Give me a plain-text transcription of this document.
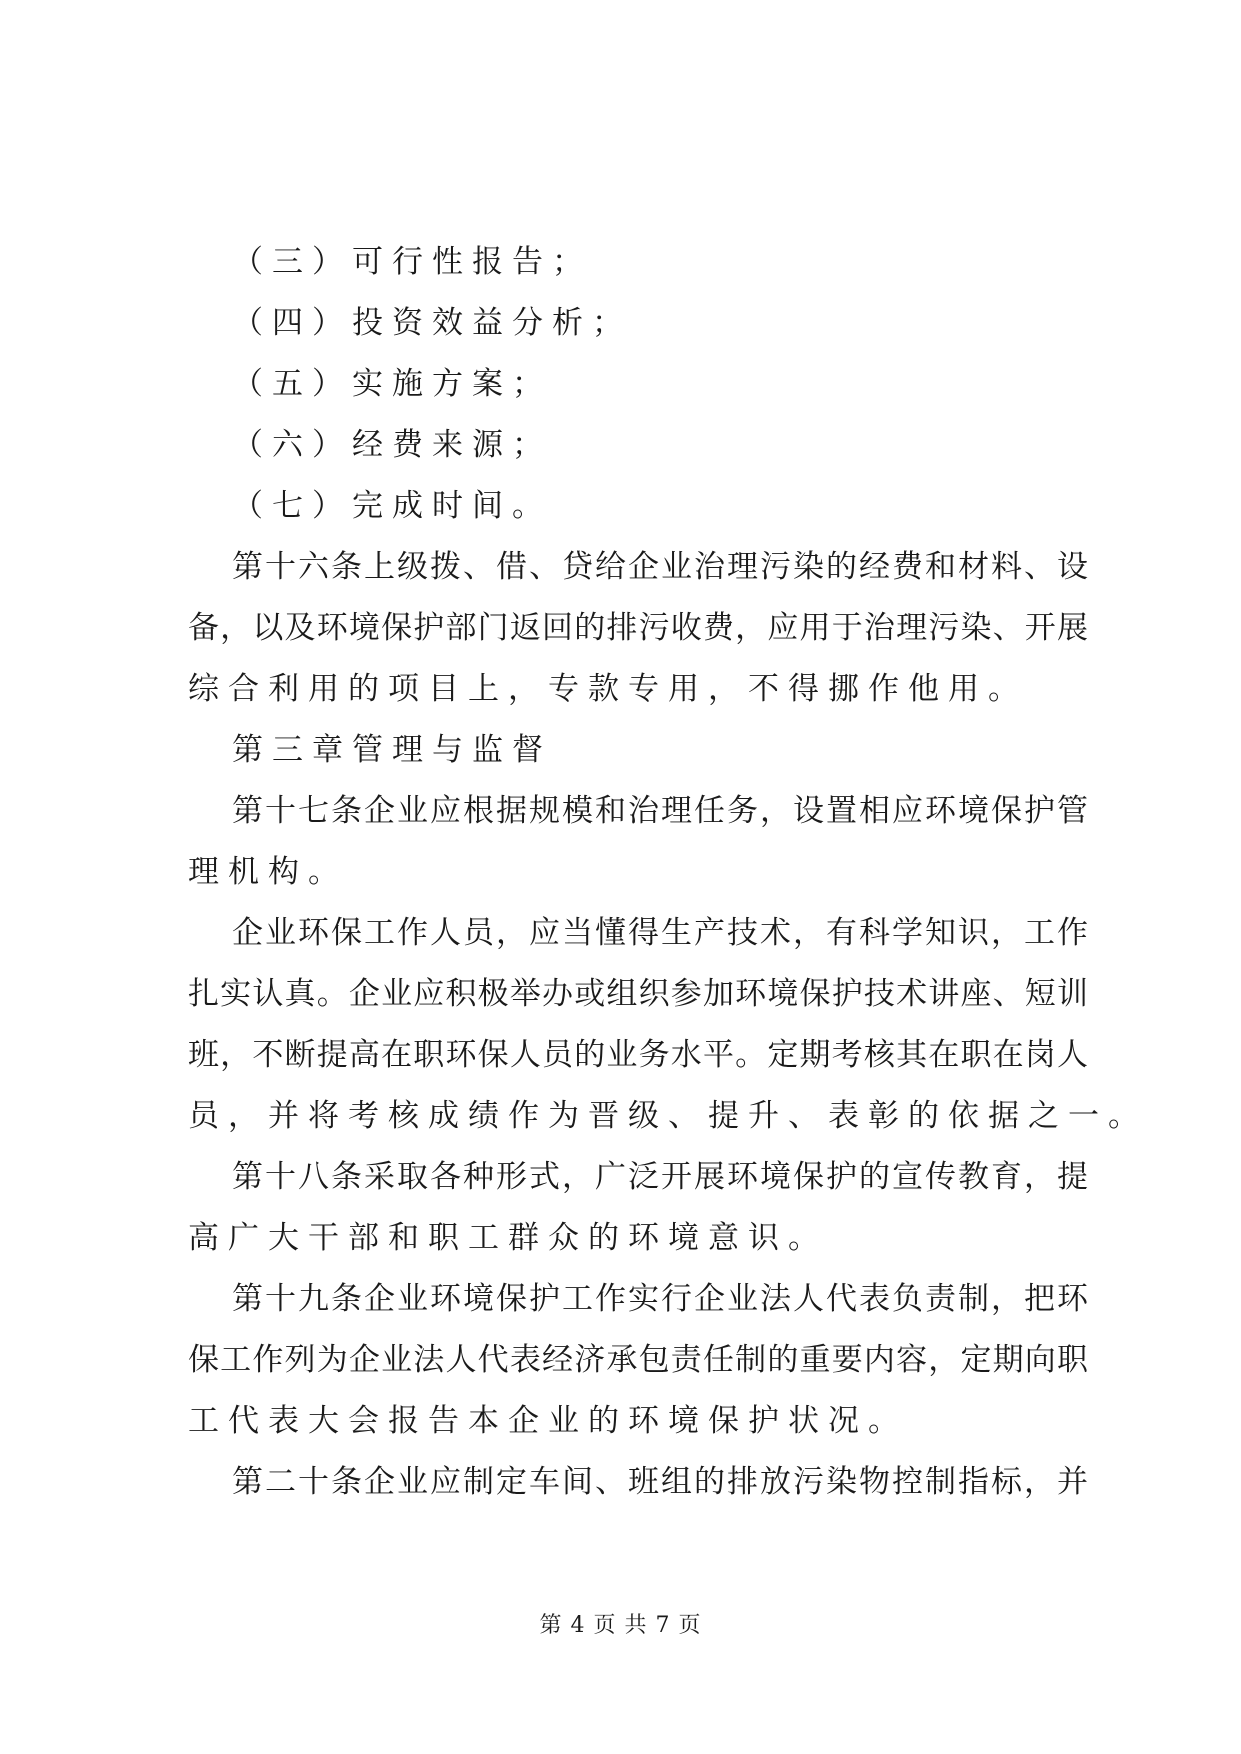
（三）可行性报告；
（四）投资效益分析；
（五）实施方案；
（六）经费来源；
（七）完成时间。
第十六条上级拨、借、贷给企业治理污染的经费和材料、设
备，以及环境保护部门返回的排污收费，应用于治理污染、开展
综合利用的项目上，专款专用，不得挪作他用。
第三章管理与监督
第十七条企业应根据规模和治理任务，设置相应环境保护管
理机构。
企业环保工作人员，应当懂得生产技术，有科学知识，工作
扎实认真。企业应积极举办或组织参加环境保护技术讲座、短训
班，不断提高在职环保人员的业务水平。定期考核其在职在岗人
员，并将考核成绩作为晋级、提升、表彰的依据之一。
第十八条采取各种形式，广泛开展环境保护的宣传教育，提
高广大干部和职工群众的环境意识。
第十九条企业环境保护工作实行企业法人代表负责制，把环
保工作列为企业法人代表经济承包责任制的重要内容，定期向职
工代表大会报告本企业的环境保护状况。
第二十条企业应制定车间、班组的排放污染物控制指标，并
第 4 页 共 7 页
